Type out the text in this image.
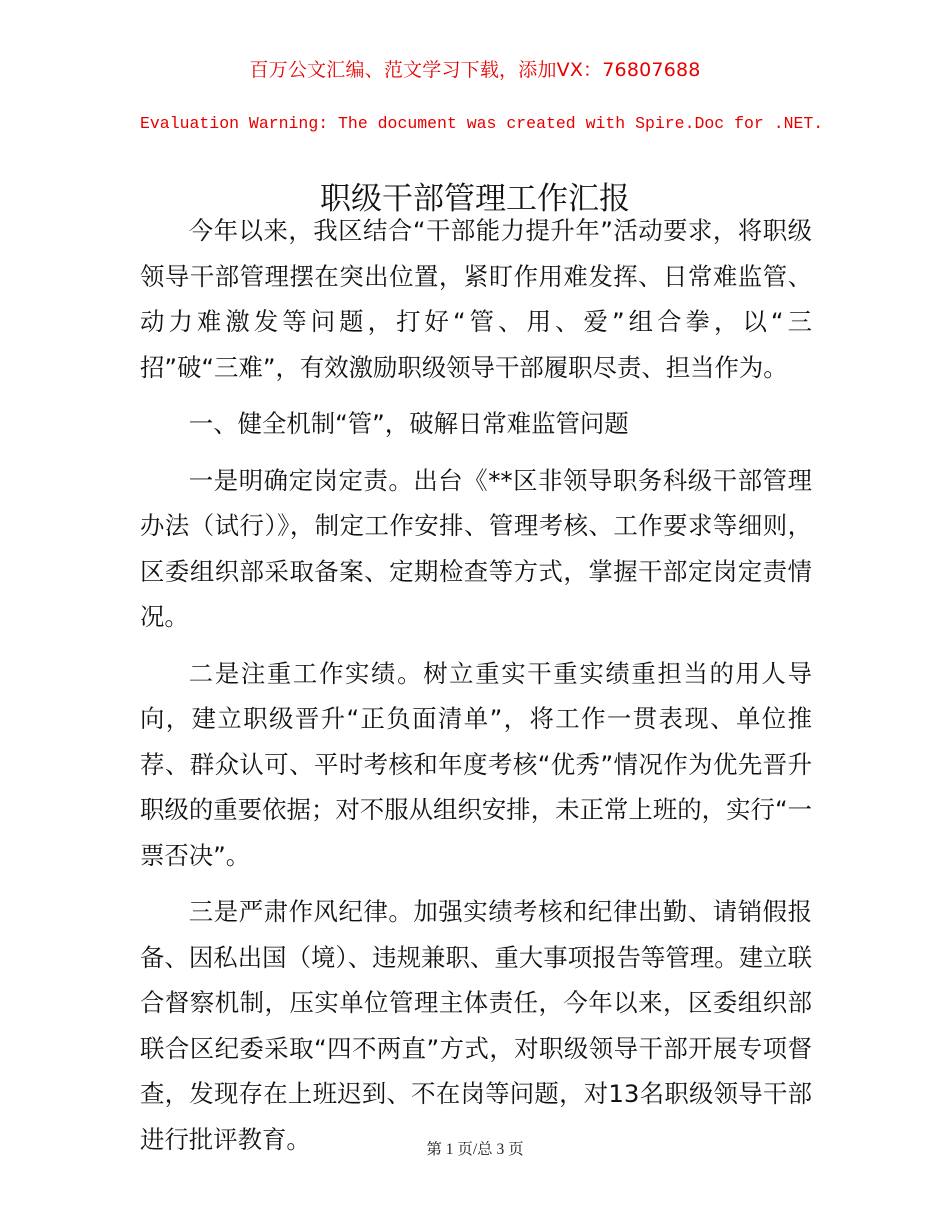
百万公文汇编、范文学习下载，添加VX：76807688
Evaluation Warning: The document was created with Spire.Doc for .NET.
职级干部管理工作汇报

今年以来，我区结合“干部能力提升年”活动要求，将职级领导干部管理摆在突出位置，紧盯作用难发挥、日常难监管、动力难激发等问题，打好“管、用、爱”组合拳，以“三招”破“三难”，有效激励职级领导干部履职尽责、担当作为。

一、健全机制“管”，破解日常难监管问题

一是明确定岗定责。出台《**区非领导职务科级干部管理办法（试行）》，制定工作安排、管理考核、工作要求等细则，区委组织部采取备案、定期检查等方式，掌握干部定岗定责情况。

二是注重工作实绩。树立重实干重实绩重担当的用人导向，建立职级晋升“正负面清单”，将工作一贯表现、单位推荐、群众认可、平时考核和年度考核“优秀”情况作为优先晋升职级的重要依据；对不服从组织安排，未正常上班的，实行“一票否决”。

三是严肃作风纪律。加强实绩考核和纪律出勤、请销假报备、因私出国（境）、违规兼职、重大事项报告等管理。建立联合督察机制，压实单位管理主体责任，今年以来，区委组织部联合区纪委采取“四不两直”方式，对职级领导干部开展专项督查，发现存在上班迟到、不在岗等问题，对13名职级领导干部进行批评教育。	第 1 页/总 3 页
